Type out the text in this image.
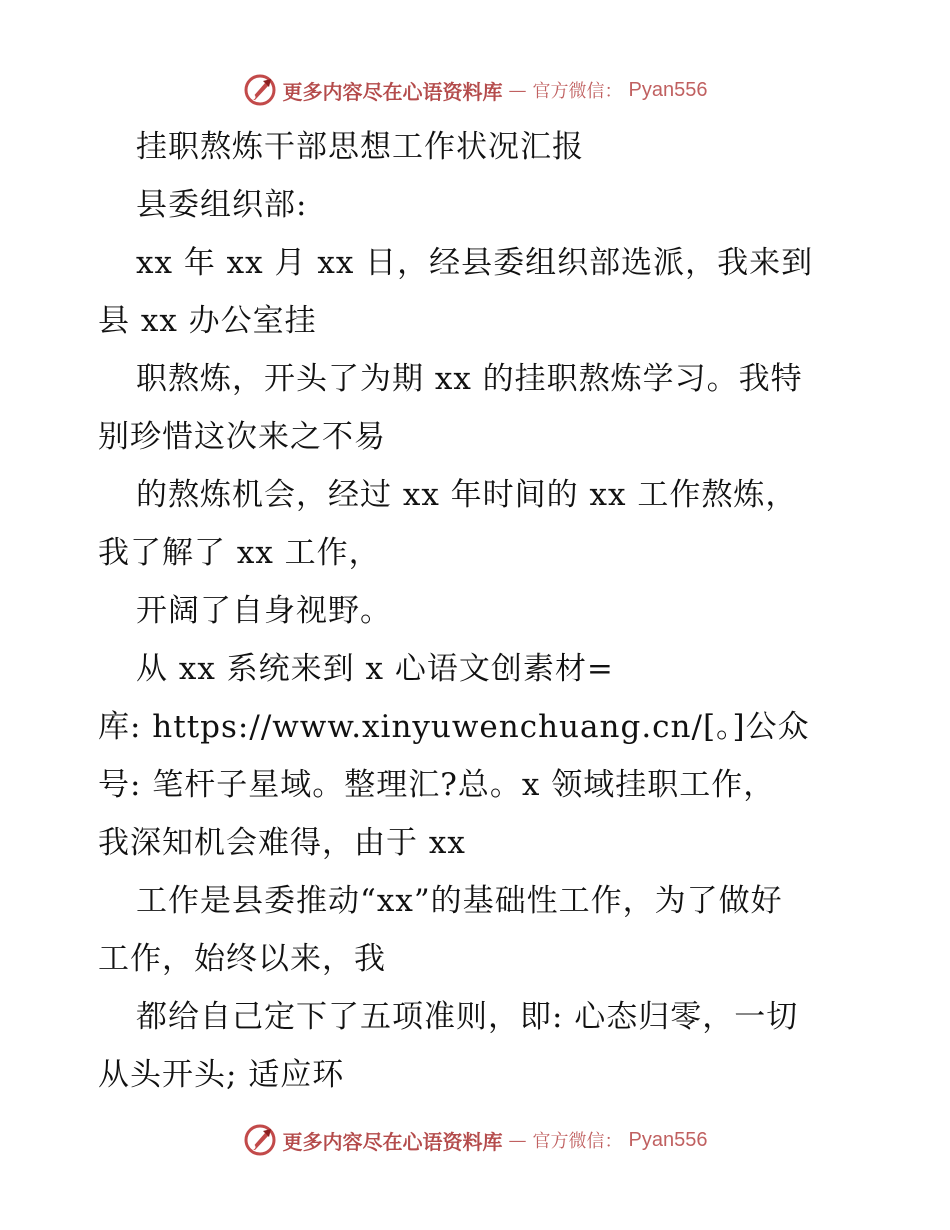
更多内容尽在心语资料库 — 官方微信： Pyan556
挂职熬炼干部思想工作状况汇报
县委组织部:
xx 年 xx 月 xx 日，经县委组织部选派，我来到
县 xx 办公室挂
职熬炼，开头了为期 xx 的挂职熬炼学习。我特
别珍惜这次来之不易
的熬炼机会，经过 xx 年时间的 xx 工作熬炼，
我了解了 xx 工作，
开阔了自身视野。
从 xx 系统来到 x 心语文创素材=
库: https://www.xinyuwenchuang.cn/[。]公众
号: 笔杆子星域。整理汇?总。x 领域挂职工作，
我深知机会难得，由于 xx
工作是县委推动“xx”的基础性工作，为了做好
工作，始终以来，我
都给自己定下了五项准则，即: 心态归零，一切
从头开头; 适应环
更多内容尽在心语资料库 — 官方微信： Pyan556
